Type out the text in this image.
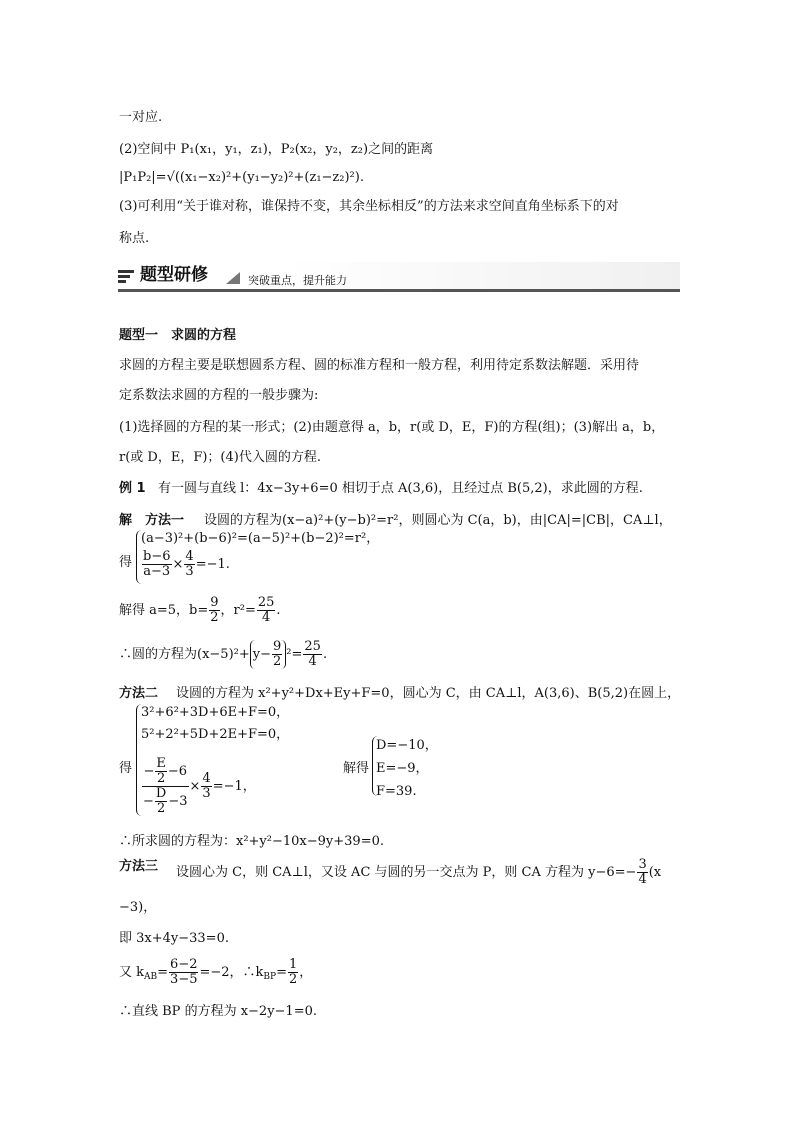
一对应.
(2)空间中 P₁(x₁，y₁，z₁)，P₂(x₂，y₂，z₂)之间的距离
|P₁P₂|=√((x₁−x₂)²+(y₁−y₂)²+(z₁−z₂)²).
(3)可利用“关于谁对称，谁保持不变，其余坐标相反”的方法来求空间直角坐标系下的对
称点.
题型研修	突破重点，提升能力
题型一　求圆的方程
求圆的方程主要是联想圆系方程、圆的标准方程和一般方程，利用待定系数法解题．采用待
定系数法求圆的方程的一般步骤为:
(1)选择圆的方程的某一形式；(2)由题意得 a，b，r(或 D，E，F)的方程(组)；(3)解出 a，b，
r(或 D，E，F)；(4)代入圆的方程.
例 1 有一圆与直线 l：4x−3y+6=0 相切于点 A(3,6)，且经过点 B(5,2)，求此圆的方程.
解　方法一 设圆的方程为(x−a)²+(y−b)²=r²，则圆心为 C(a，b)，由|CA|=|CB|，CA⊥l，
得
(a−3)²+(b−6)²=(a−5)²+(b−2)²=r²，
$\frac{b-6}{a-3} \times \frac{4}{3} =-1$.
解得 a=5，$b= \frac{9}{2}$ ，$r^2= \frac{25}{4}$ .
∴圆的方程为$(x-5)^2+ y- \frac{9}{2} ^2= \frac{25}{4}$ .
方法二 设圆的方程为 x²+y²+Dx+Ey+F=0，圆心为 C，由 CA⊥l，A(3,6)、B(5,2)在圆上，
得
3²+6²+3D+6E+F=0，
5²+2²+5D+2E+F=0，
$\frac{- \frac{E}{2} -6}{- \frac{D}{2} -3} \times \frac{4}{3} =-1$，
解得
D=−10，
E=−9，
F=39.
∴所求圆的方程为：x²+y²−10x−9y+39=0.
方法三 设圆心为 C，则 CA⊥l，又设 AC 与圆的另一交点为 P，则 CA 方程为 $y-6=- \frac{3}{4} (x$
−3)，
即 3x+4y−33=0.
又 $k_{AB}= \frac{6-2}{3-5} =-2$，$\therefore k_{BP}= \frac{1}{2}$ ，
∴直线 BP 的方程为 x−2y−1=0.
